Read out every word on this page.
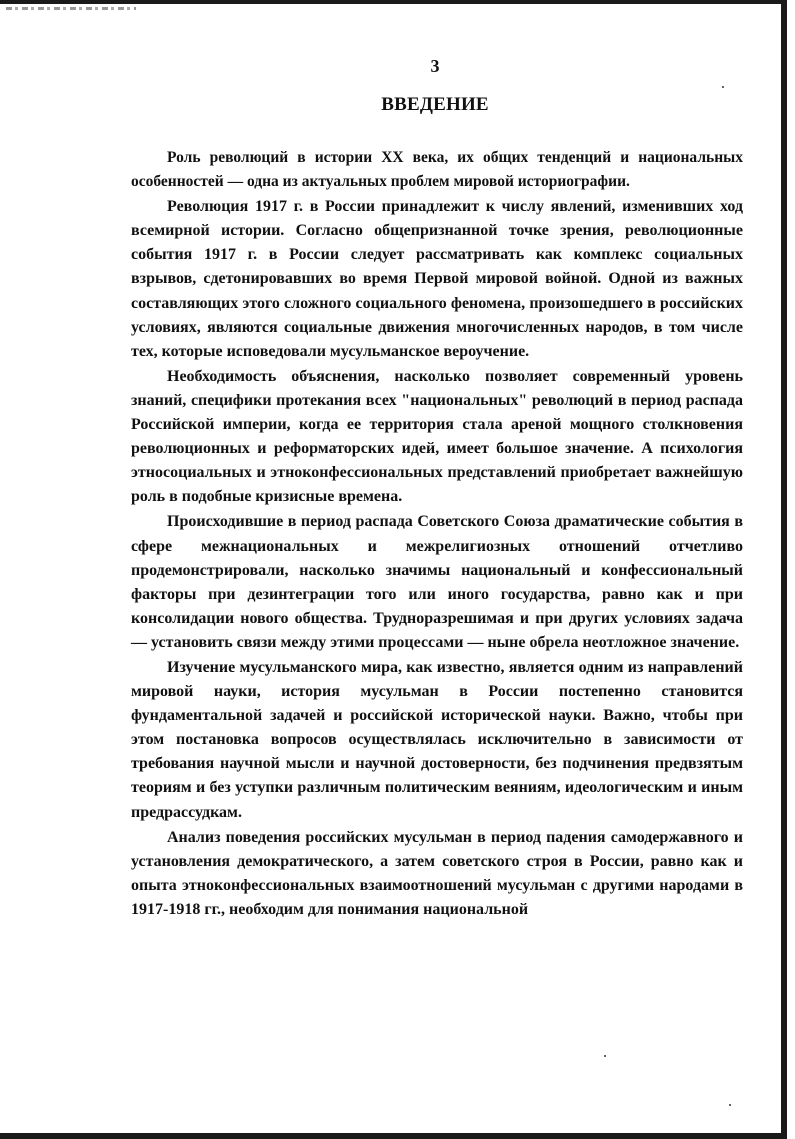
3
ВВЕДЕНИЕ

Роль революций в истории XX века, их общих тенденций и национальных особенностей — одна из актуальных проблем мировой историографии.

Революция 1917 г. в России принадлежит к числу явлений, изменивших ход всемирной истории. Согласно общепризнанной точке зрения, революционные события 1917 г. в России следует рассматривать как комплекс социальных взрывов, сдетонировавших во время Первой мировой войной. Одной из важных составляющих этого сложного социального феномена, произошедшего в российских условиях, являются социальные движения многочисленных народов, в том числе тех, которые исповедовали мусульманское вероучение.

Необходимость объяснения, насколько позволяет современный уровень знаний, специфики протекания всех "национальных" революций в период распада Российской империи, когда ее территория стала ареной мощного столкновения революционных и реформаторских идей, имеет большое значение. А психология этносоциальных и этноконфессиональных представлений приобретает важнейшую роль в подобные кризисные времена.

Происходившие в период распада Советского Союза драматические события в сфере межнациональных и межрелигиозных отношений отчетливо продемонстрировали, насколько значимы национальный и конфессиональный факторы при дезинтеграции того или иного государства, равно как и при консолидации нового общества. Трудноразрешимая и при других условиях задача — установить связи между этими процессами — ныне обрела неотложное значение.

Изучение мусульманского мира, как известно, является одним из направлений мировой науки, история мусульман в России постепенно становится фундаментальной задачей и российской исторической науки. Важно, чтобы при этом постановка вопросов осуществлялась исключительно в зависимости от требования научной мысли и научной достоверности, без подчинения предвзятым теориям и без уступки различным политическим веяниям, идеологическим и иным предрассудкам.

Анализ поведения российских мусульман в период падения самодержавного и установления демократического, а затем советского строя в России, равно как и опыта этноконфессиональных взаимоотношений мусульман с другими народами в 1917-1918 гг., необходим для понимания национальной
